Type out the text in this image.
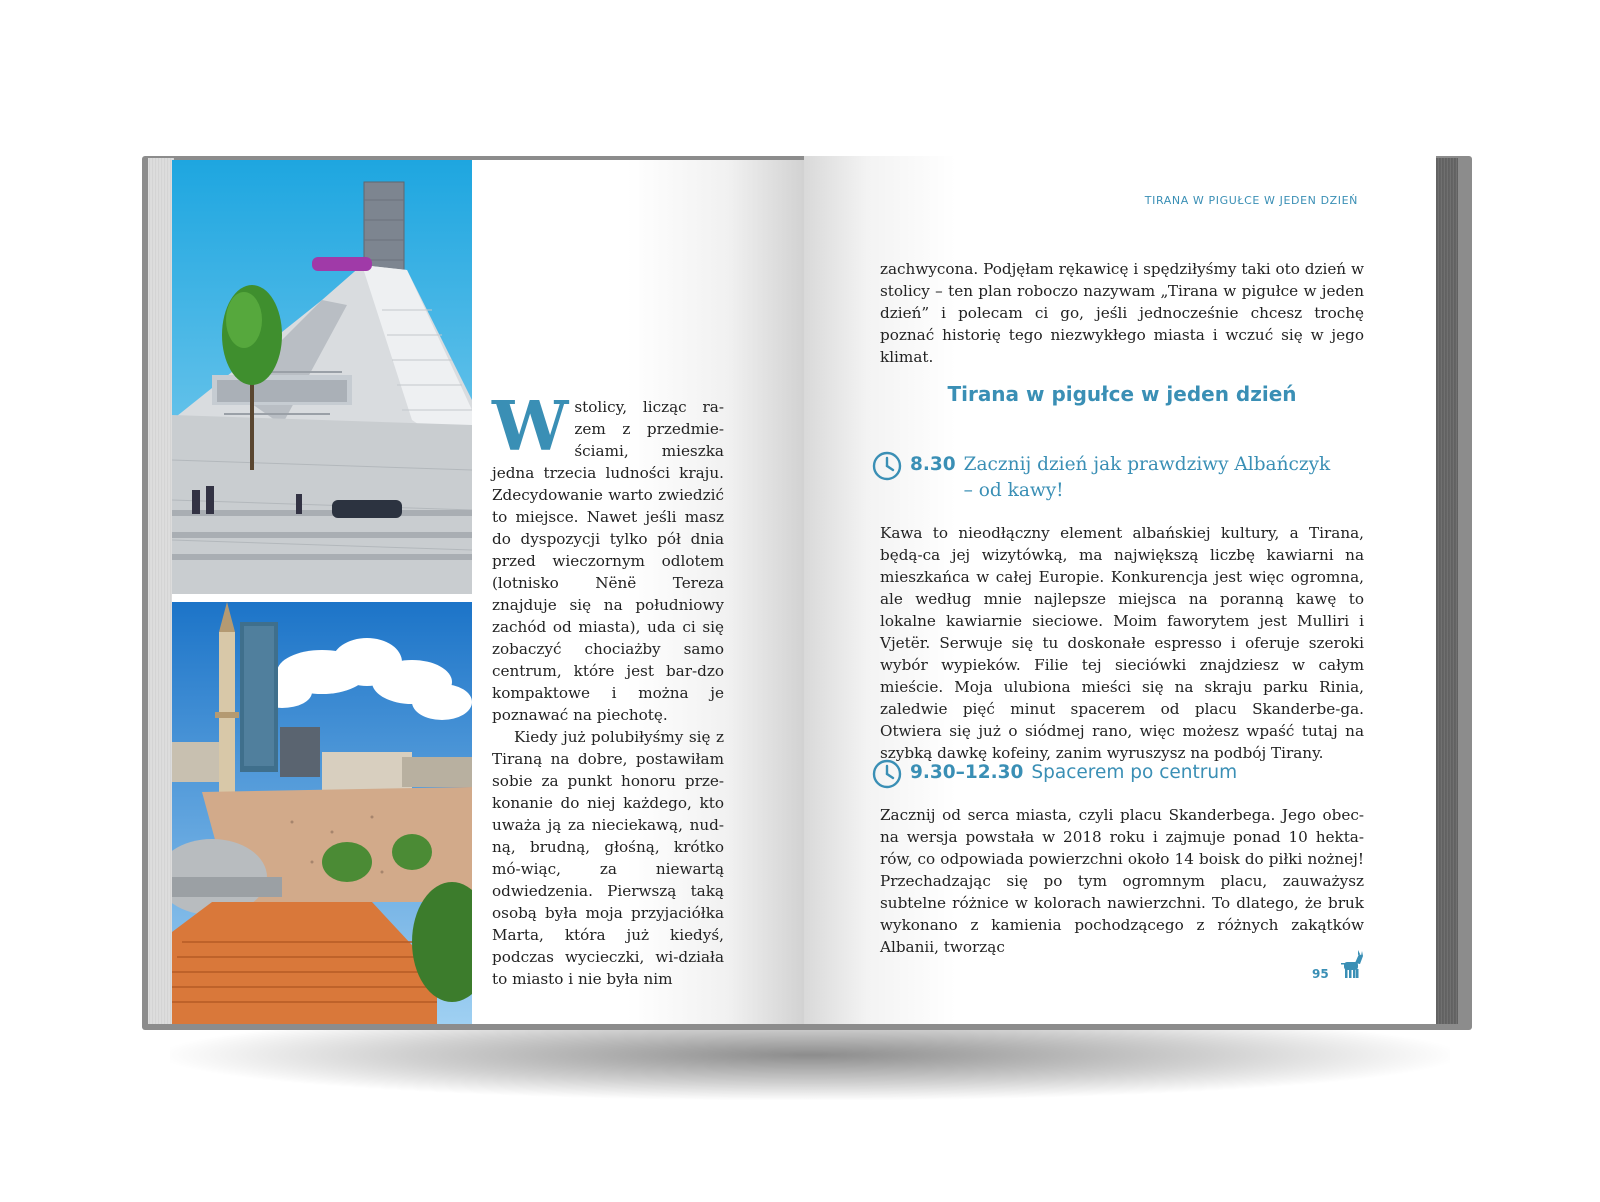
W stolicy, licząc ra-zem z przedmie-ściami, mieszka jedna trzecia ludności kraju. Zdecydowanie warto zwiedzić to miejsce. Nawet jeśli masz do dyspozycji tylko pół dnia przed wieczornym odlotem (lotnisko Nënë Tereza znajduje się na południowy zachód od miasta), uda ci się zobaczyć chociażby samo centrum, które jest bar-dzo kompaktowe i można je poznawać na piechotę.

Kiedy już polubiłyśmy się z Tiraną na dobre, postawiłam sobie za punkt honoru prze-konanie do niej każdego, kto uważa ją za nieciekawą, nud-ną, brudną, głośną, krótko mó-wiąc, za niewartą odwiedzenia. Pierwszą taką osobą była moja przyjaciółka Marta, która już kiedyś, podczas wycieczki, wi-działa to miasto i nie była nim

TIRANA W PIGUŁCE W JEDEN DZIEŃ

zachwycona. Podjęłam rękawicę i spędziłyśmy taki oto dzień w stolicy – ten plan roboczo nazywam „Tirana w pigułce w jeden dzień” i polecam ci go, jeśli jednocześnie chcesz trochę poznać historię tego niezwykłego miasta i wczuć się w jego klimat.

Tirana w pigułce w jeden dzień
8.30 Zacznij dzień jak prawdziwy Albańczyk – od kawy!

Kawa to nieodłączny element albańskiej kultury, a Tirana, będą-ca jej wizytówką, ma największą liczbę kawiarni na mieszkańca w całej Europie. Konkurencja jest więc ogromna, ale według mnie najlepsze miejsca na poranną kawę to lokalne kawiarnie sieciowe. Moim faworytem jest Mulliri i Vjetër. Serwuje się tu doskonałe espresso i oferuje szeroki wybór wypieków. Filie tej sieciówki znajdziesz w całym mieście. Moja ulubiona mieści się na skraju parku Rinia, zaledwie pięć minut spacerem od placu Skanderbe-ga. Otwiera się już o siódmej rano, więc możesz wpaść tutaj na szybką dawkę kofeiny, zanim wyruszysz na podbój Tirany.

9.30–12.30 Spacerem po centrum

Zacznij od serca miasta, czyli placu Skanderbega. Jego obec-na wersja powstała w 2018 roku i zajmuje ponad 10 hekta-rów, co odpowiada powierzchni około 14 boisk do piłki nożnej! Przechadzając się po tym ogromnym placu, zauważysz subtelne różnice w kolorach nawierzchni. To dlatego, że bruk wykonano z kamienia pochodzącego z różnych zakątków Albanii, tworząc

95
